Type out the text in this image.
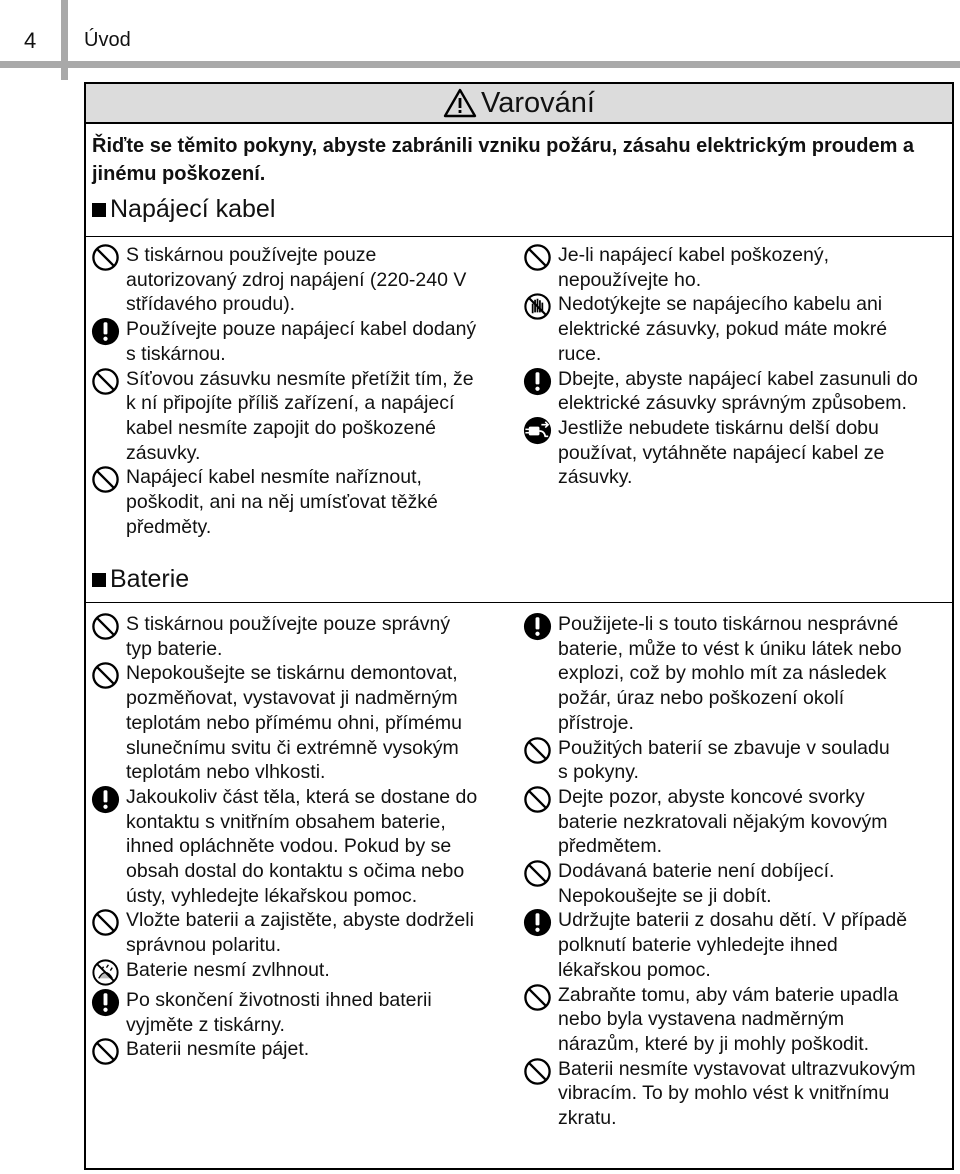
4 Úvod
Varování
Řiďte se těmito pokyny, abyste zabránili vzniku požáru, zásahu elektrickým proudem a jinému poškození.
Napájecí kabel
S tiskárnou používejte pouze
autorizovaný zdroj napájení (220-240 V
střídavého proudu).
Používejte pouze napájecí kabel dodaný
s tiskárnou.
Síťovou zásuvku nesmíte přetížit tím, že
k ní připojíte příliš zařízení, a napájecí
kabel nesmíte zapojit do poškozené
zásuvky.
Napájecí kabel nesmíte naříznout,
poškodit, ani na něj umísťovat těžké
předměty.
Je-li napájecí kabel poškozený,
nepoužívejte ho.
Nedotýkejte se napájecího kabelu ani
elektrické zásuvky, pokud máte mokré
ruce.
Dbejte, abyste napájecí kabel zasunuli do
elektrické zásuvky správným způsobem.
Jestliže nebudete tiskárnu delší dobu
používat, vytáhněte napájecí kabel ze
zásuvky.
Baterie
S tiskárnou používejte pouze správný
typ baterie.
Nepokoušejte se tiskárnu demontovat,
pozměňovat, vystavovat ji nadměrným
teplotám nebo přímému ohni, přímému
slunečnímu svitu či extrémně vysokým
teplotám nebo vlhkosti.
Jakoukoliv část těla, která se dostane do
kontaktu s vnitřním obsahem baterie,
ihned opláchněte vodou. Pokud by se
obsah dostal do kontaktu s očima nebo
ústy, vyhledejte lékařskou pomoc.
Vložte baterii a zajistěte, abyste dodrželi
správnou polaritu.
Baterie nesmí zvlhnout.
Po skončení životnosti ihned baterii
vyjměte z tiskárny.
Baterii nesmíte pájet.
Použijete-li s touto tiskárnou nesprávné
baterie, může to vést k úniku látek nebo
explozi, což by mohlo mít za následek
požár, úraz nebo poškození okolí
přístroje.
Použitých baterií se zbavuje v souladu
s pokyny.
Dejte pozor, abyste koncové svorky
baterie nezkratovali nějakým kovovým
předmětem.
Dodávaná baterie není dobíjecí.
Nepokoušejte se ji dobít.
Udržujte baterii z dosahu dětí. V případě
polknutí baterie vyhledejte ihned
lékařskou pomoc.
Zabraňte tomu, aby vám baterie upadla
nebo byla vystavena nadměrným
nárazům, které by ji mohly poškodit.
Baterii nesmíte vystavovat ultrazvukovým
vibracím. To by mohlo vést k vnitřnímu
zkratu.
